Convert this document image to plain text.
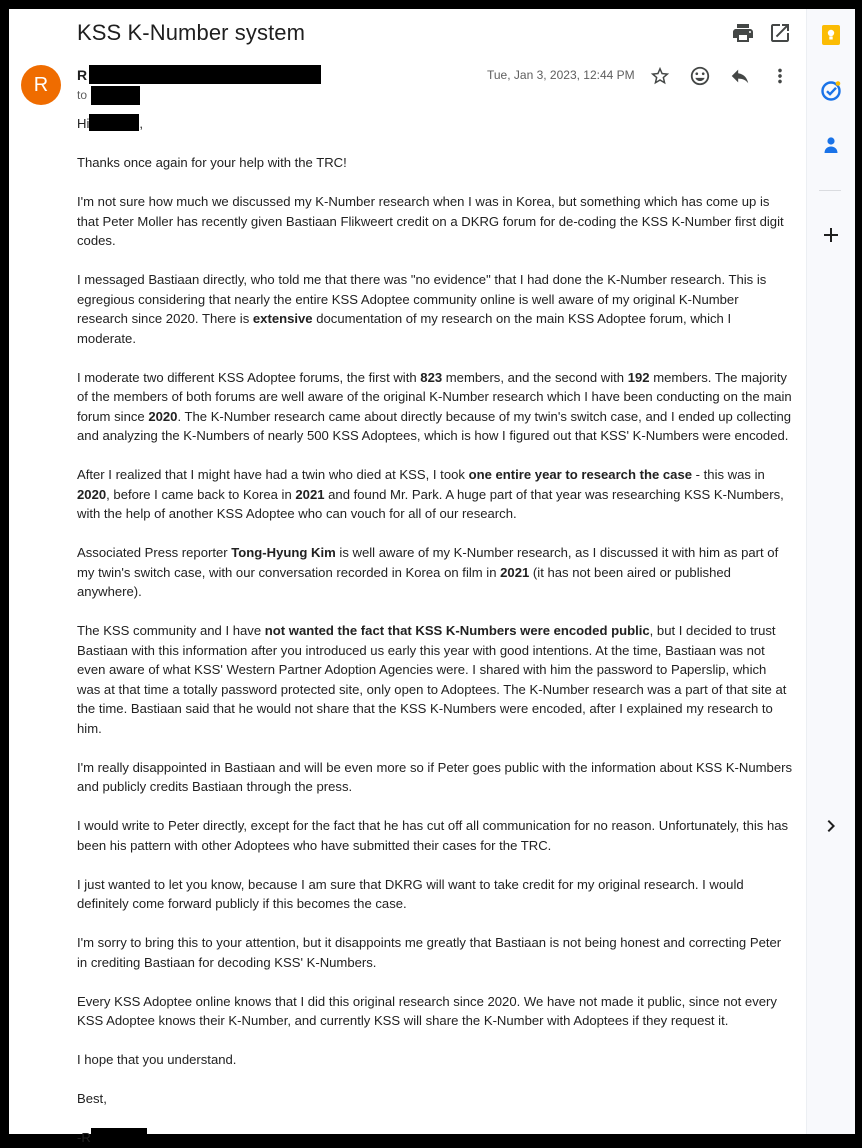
KSS K-Number system
R	R
to
Tue, Jan 3, 2023, 12:44 PM

Hi	,

Thanks once again for your help with the TRC!

I'm not sure how much we discussed my K-Number research when I was in Korea, but something which has come up is that Peter Moller has recently given Bastiaan Flikweert credit on a DKRG forum for de-coding the KSS K-Number first digit codes.

I messaged Bastiaan directly, who told me that there was "no evidence" that I had done the K-Number research. This is egregious considering that nearly the entire KSS Adoptee community online is well aware of my original K-Number research since 2020. There is extensive documentation of my research on the main KSS Adoptee forum, which I moderate.

I moderate two different KSS Adoptee forums, the first with 823 members, and the second with 192 members. The majority of the members of both forums are well aware of the original K-Number research which I have been conducting on the main forum since 2020. The K-Number research came about directly because of my twin's switch case, and I ended up collecting and analyzing the K-Numbers of nearly 500 KSS Adoptees, which is how I figured out that KSS' K-Numbers were encoded.

After I realized that I might have had a twin who died at KSS, I took one entire year to research the case - this was in 2020, before I came back to Korea in 2021 and found Mr. Park. A huge part of that year was researching KSS K-Numbers, with the help of another KSS Adoptee who can vouch for all of our research.

Associated Press reporter Tong-Hyung Kim is well aware of my K-Number research, as I discussed it with him as part of my twin's switch case, with our conversation recorded in Korea on film in 2021 (it has not been aired or published anywhere).

The KSS community and I have not wanted the fact that KSS K-Numbers were encoded public, but I decided to trust Bastiaan with this information after you introduced us early this year with good intentions. At the time, Bastiaan was not even aware of what KSS' Western Partner Adoption Agencies were. I shared with him the password to Paperslip, which was at that time a totally password protected site, only open to Adoptees. The K-Number research was a part of that site at the time. Bastiaan said that he would not share that the KSS K-Numbers were encoded, after I explained my research to him.

I'm really disappointed in Bastiaan and will be even more so if Peter goes public with the information about KSS K-Numbers and publicly credits Bastiaan through the press.

I would write to Peter directly, except for the fact that he has cut off all communication for no reason. Unfortunately, this has been his pattern with other Adoptees who have submitted their cases for the TRC.

I just wanted to let you know, because I am sure that DKRG will want to take credit for my original research. I would definitely come forward publicly if this becomes the case.

I'm sorry to bring this to your attention, but it disappoints me greatly that Bastiaan is not being honest and correcting Peter in crediting Bastiaan for decoding KSS' K-Numbers.

Every KSS Adoptee online knows that I did this original research since 2020. We have not made it public, since not every KSS Adoptee knows their K-Number, and currently KSS will share the K-Number with Adoptees if they request it.

I hope that you understand.

Best,

-R
